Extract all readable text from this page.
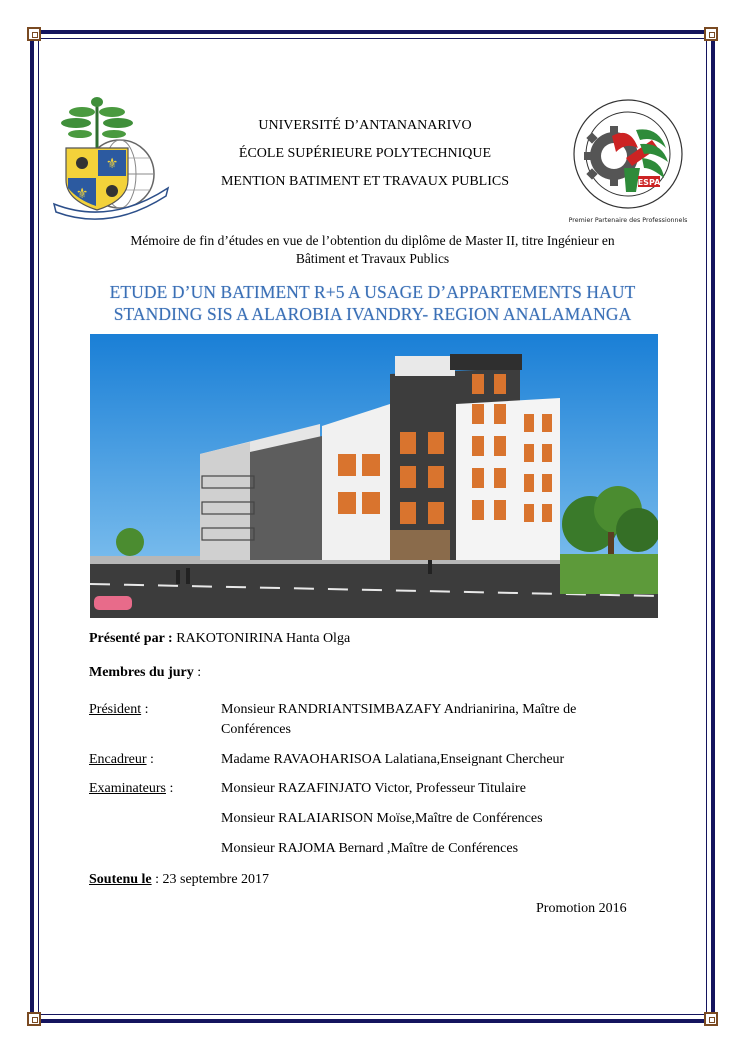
⚜
⚜
ESPA
Premier Partenaire des Professionnels
UNIVERSITÉ D’ANTANANARIVO
ÉCOLE SUPÉRIEURE POLYTECHNIQUE
MENTION BATIMENT ET TRAVAUX PUBLICS
Mémoire de fin d’études en vue de l’obtention du diplôme de Master II, titre Ingénieur en
Bâtiment et Travaux Publics
ETUDE D’UN BATIMENT R+5 A USAGE D’APPARTEMENTS HAUT
STANDING SIS A ALAROBIA IVANDRY- REGION ANALAMANGA
Présenté par : RAKOTONIRINA Hanta Olga
Membres du jury :
Président :	Monsieur RANDRIANTSIMBAZAFY Andrianirina, Maître de
Conférences
Encadreur :	Madame RAVAOHARISOA Lalatiana,Enseignant Chercheur
Examinateurs :	Monsieur RAZAFINJATO Victor, Professeur Titulaire
Monsieur RALAIARISON Moïse,Maître de Conférences
Monsieur RAJOMA Bernard ,Maître de Conférences
Soutenu le : 23 septembre 2017
Promotion 2016
